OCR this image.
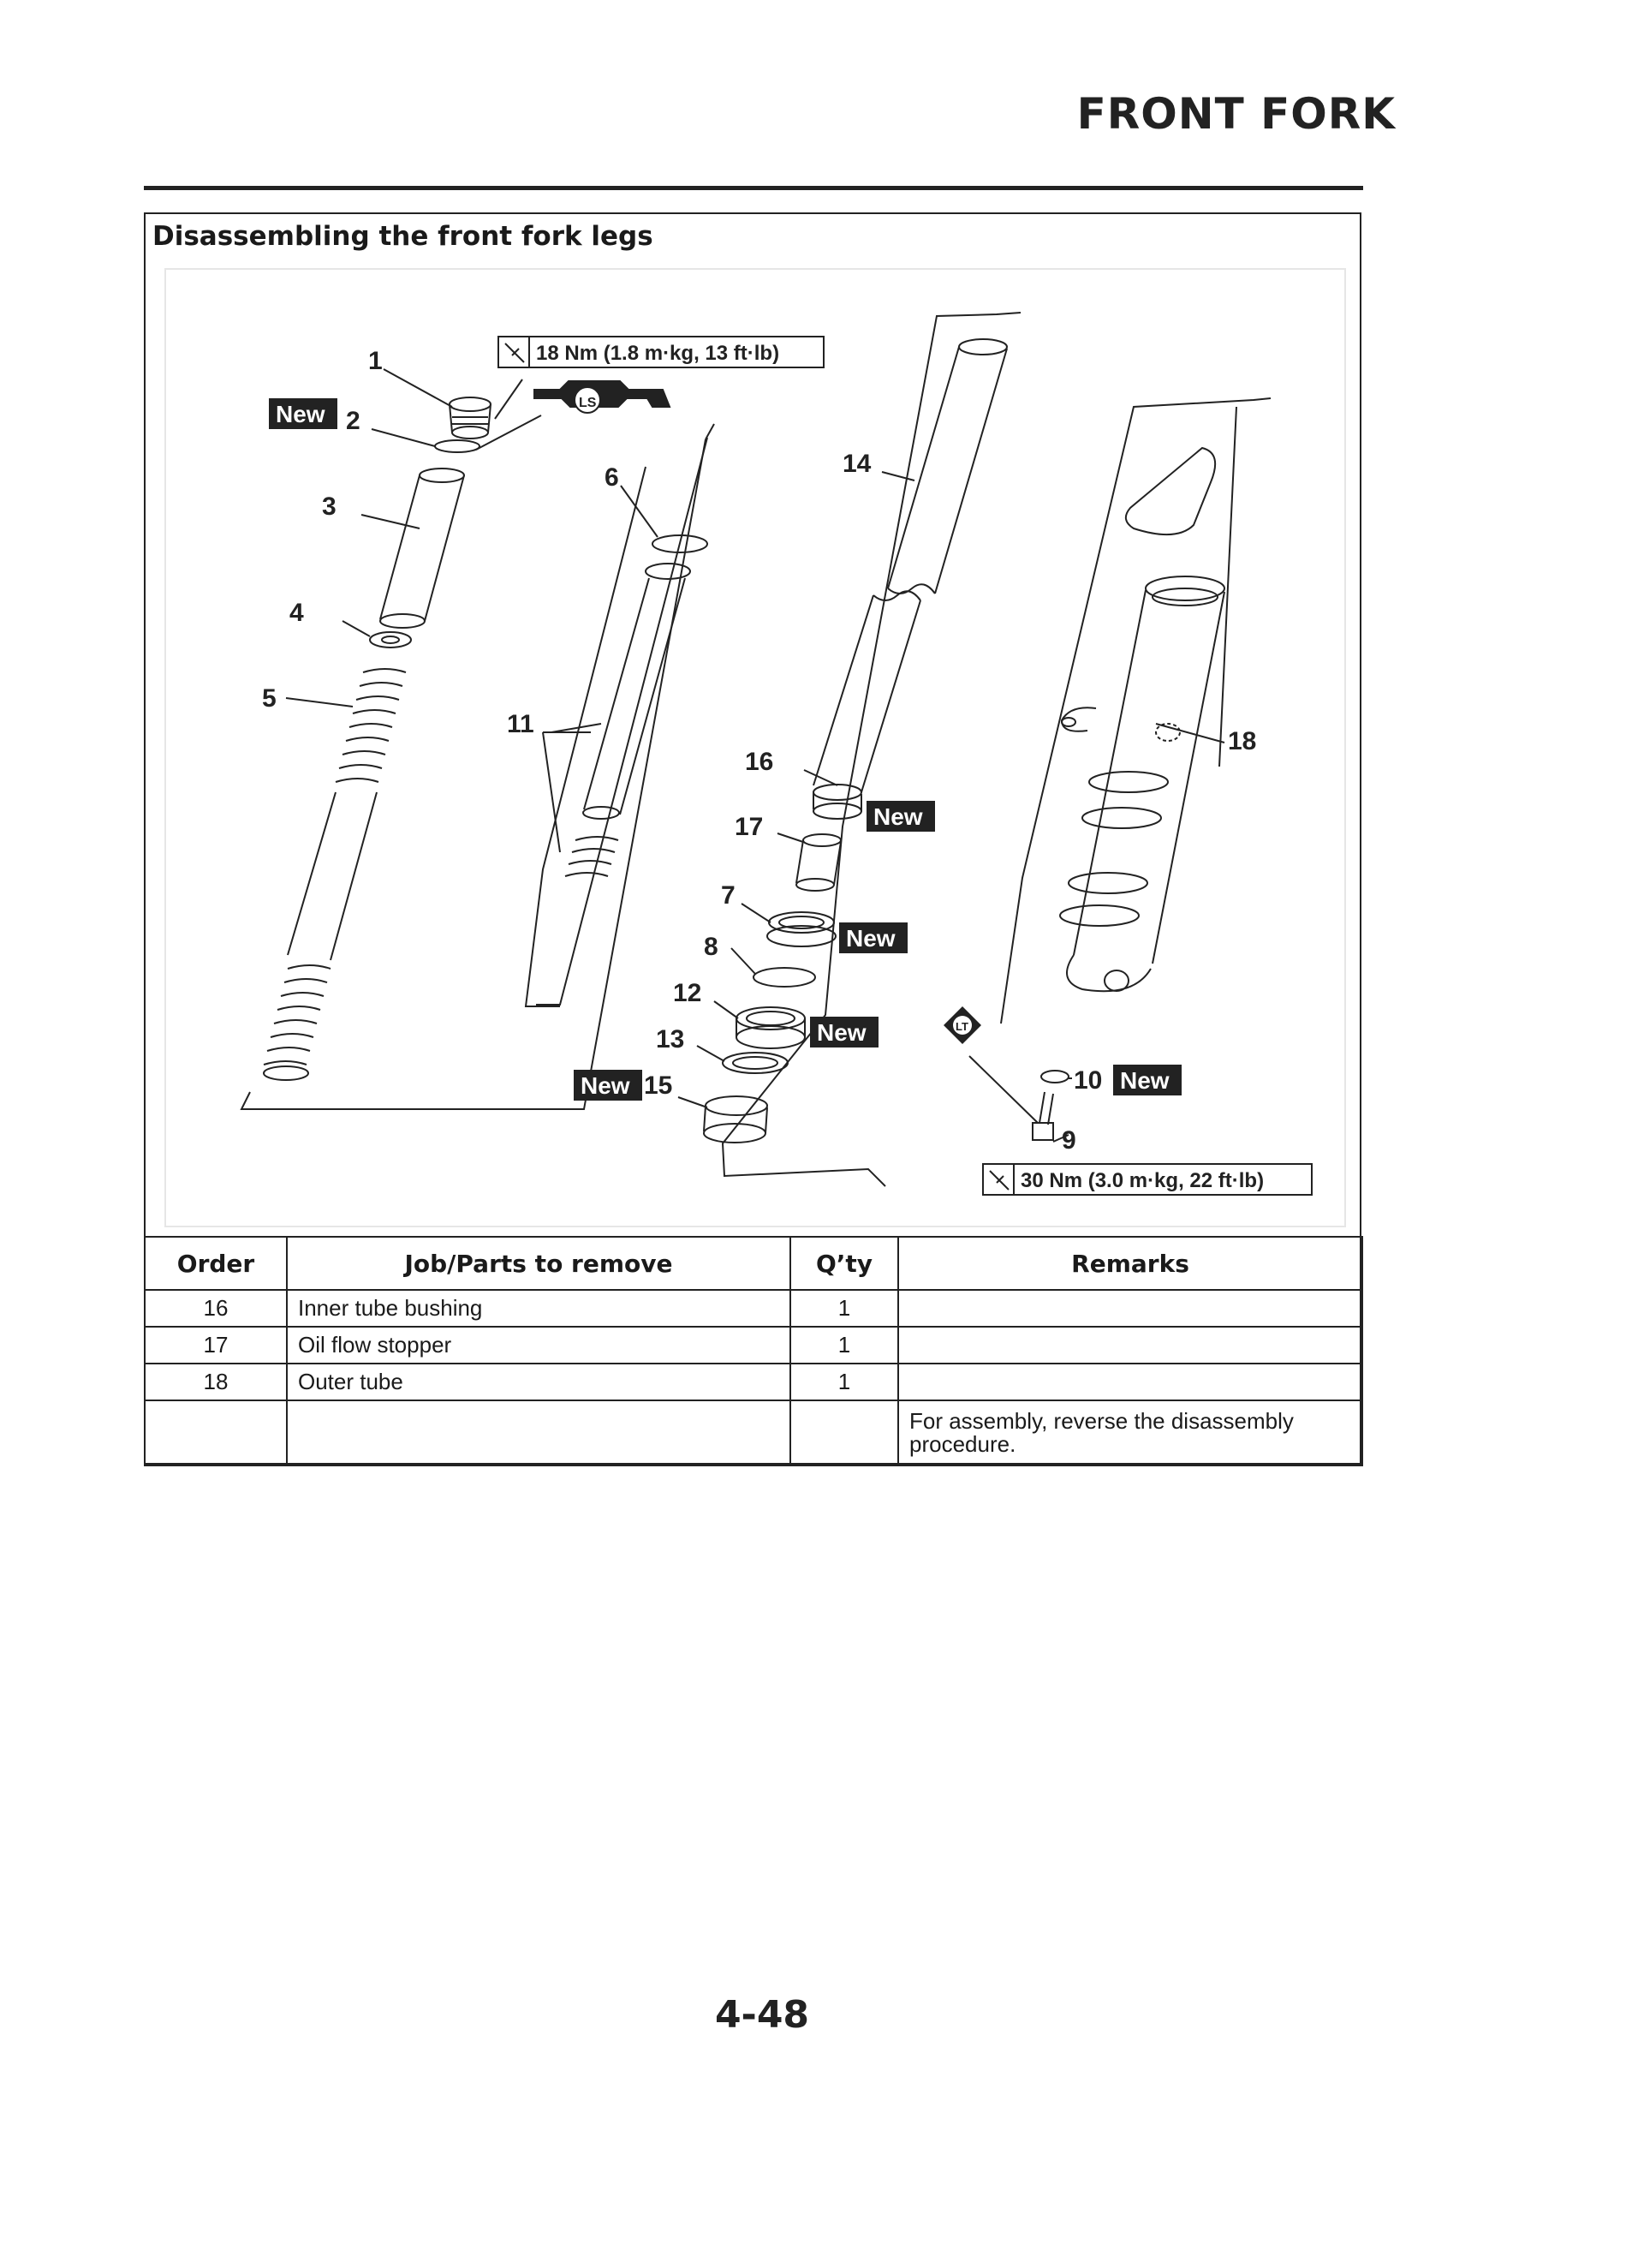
FRONT FORK
Disassembling the front fork legs
18 Nm (1.8 m·kg, 13 ft·lb)
30 Nm (3.0 m·kg, 22 ft·lb)
LS
LT
New
New
New
New
New	New
1
2
3
4
5
6
7
8
9
10
11
12
13
14
15
16
17
18
Order	Job/Parts to remove	Q’ty	Remarks
16	Inner tube bushing	1	
17	Oil flow stopper	1	
18	Outer tube	1	
			For assembly, reverse the disassembly procedure.
4-48
